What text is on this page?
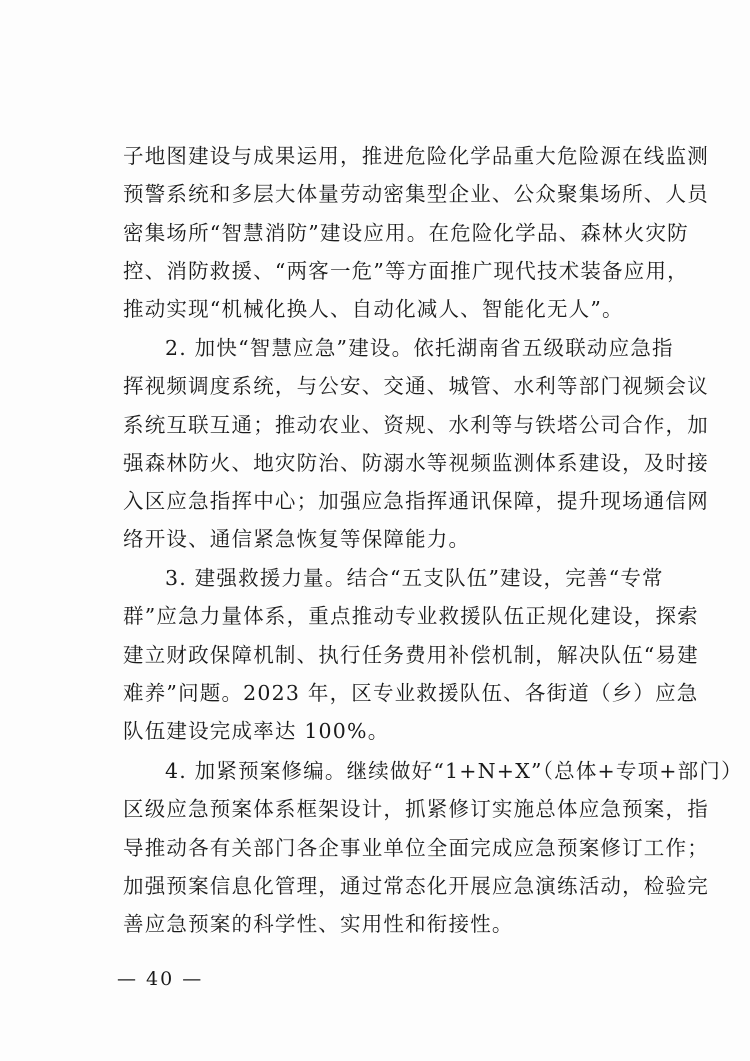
子地图建设与成果运用，推进危险化学品重大危险源在线监测
预警系统和多层大体量劳动密集型企业、公众聚集场所、人员
密集场所“智慧消防”建设应用。在危险化学品、森林火灾防
控、消防救援、“两客一危”等方面推广现代技术装备应用，
推动实现“机械化换人、自动化减人、智能化无人”。
2. 加快“智慧应急”建设。依托湖南省五级联动应急指
挥视频调度系统，与公安、交通、城管、水利等部门视频会议
系统互联互通；推动农业、资规、水利等与铁塔公司合作，加
强森林防火、地灾防治、防溺水等视频监测体系建设，及时接
入区应急指挥中心；加强应急指挥通讯保障，提升现场通信网
络开设、通信紧急恢复等保障能力。
3. 建强救援力量。结合“五支队伍”建设，完善“专常
群”应急力量体系，重点推动专业救援队伍正规化建设，探索
建立财政保障机制、执行任务费用补偿机制，解决队伍“易建
难养”问题。2023 年，区专业救援队伍、各街道（乡）应急
队伍建设完成率达 100%。
4. 加紧预案修编。继续做好“1+N+X”（总体+专项+部门）
区级应急预案体系框架设计，抓紧修订实施总体应急预案，指
导推动各有关部门各企事业单位全面完成应急预案修订工作；
加强预案信息化管理，通过常态化开展应急演练活动，检验完
善应急预案的科学性、实用性和衔接性。
— 40 —
